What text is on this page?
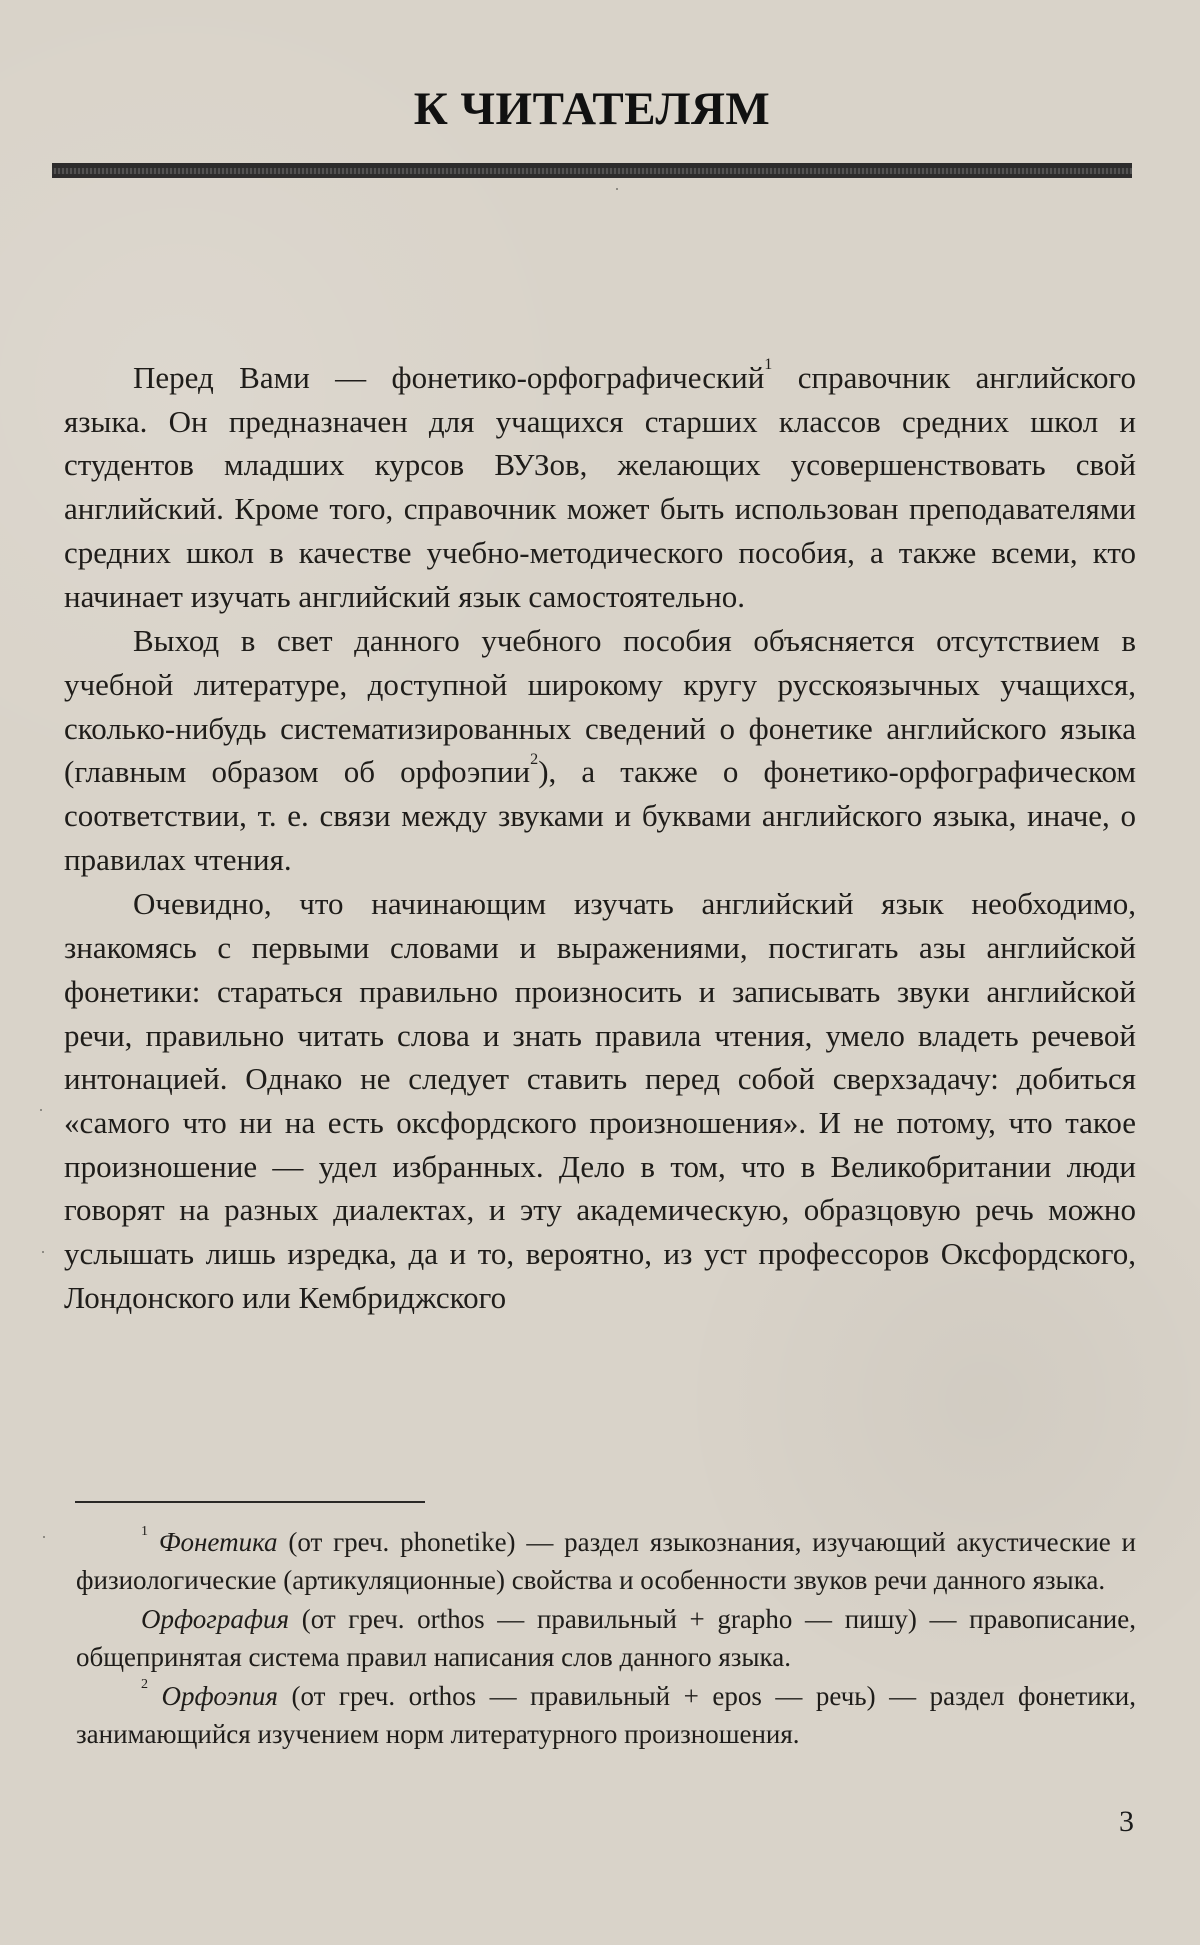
К ЧИТАТЕЛЯМ

Перед Вами — фонетико-орфографический$^1$ справочник английского языка. Он предназначен для учащихся старших классов средних школ и студентов младших курсов ВУЗов, желающих усовершенствовать свой английский. Кроме того, справочник может быть использован преподавателями средних школ в качестве учебно-методического пособия, а также всеми, кто начинает изучать английский язык самостоятельно.

Выход в свет данного учебного пособия объясняется отсутствием в учебной литературе, доступной широкому кругу русскоязычных учащихся, сколько-нибудь систематизированных сведений о фонетике английского языка (главным образом об орфоэпии$^2$), а также о фонетико-орфографическом соответствии, т. е. связи между звуками и буквами английского языка, иначе, о правилах чтения.

Очевидно, что начинающим изучать английский язык необходимо, знакомясь с первыми словами и выражениями, постигать азы английской фонетики: стараться правильно произносить и записывать звуки английской речи, правильно читать слова и знать правила чтения, умело владеть речевой интонацией. Однако не следует ставить перед собой сверхзадачу: добиться «самого что ни на есть оксфордского произношения». И не потому, что такое произношение — удел избранных. Дело в том, что в Великобритании люди говорят на разных диалектах, и эту академическую, образцовую речь можно услышать лишь изредка, да и то, вероятно, из уст профессоров Оксфордского, Лондонского или Кембриджского

$^1$ Фонетика (от греч. phonetike) — раздел языкознания, изучающий акустические и физиологические (артикуляционные) свойства и особенности звуков речи данного языка.

Орфография (от греч. orthos — правильный + grapho — пишу) — правописание, общепринятая система правил написания слов данного языка.

$^2$ Орфоэпия (от греч. orthos — правильный + epos — речь) — раздел фонетики, занимающийся изучением норм литературного произношения.

3
